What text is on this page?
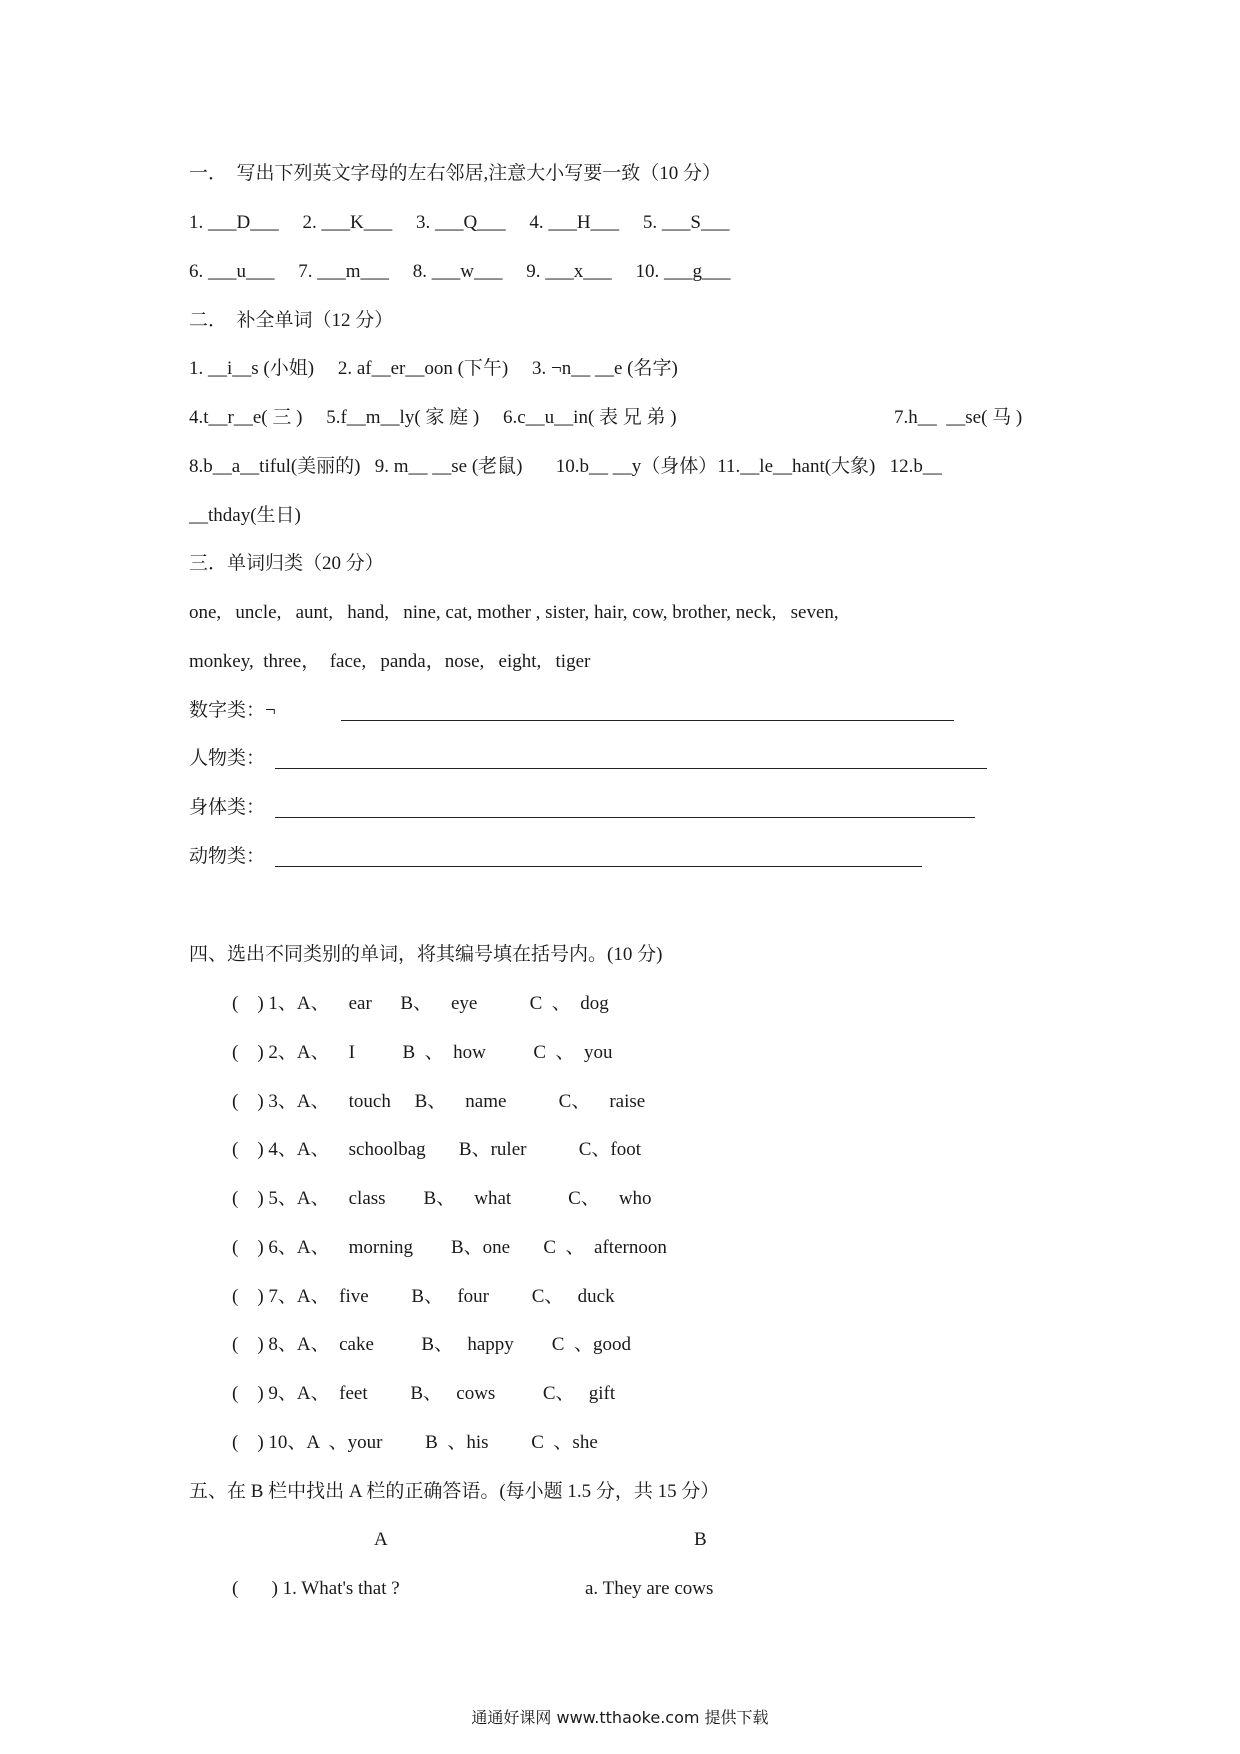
一．  写出下列英文字母的左右邻居,注意大小写要一致（10 分）
1. ___D___     2. ___K___     3. ___Q___     4. ___H___     5. ___S___
6. ___u___     7. ___m___     8. ___w___     9. ___x___     10. ___g___
二．  补全单词（12 分）
1. __i__s (小姐)     2. af__er__oon (下午)     3. ¬n__ __e (名字)
4.t__r__e( 三 )     5.f__m__ly( 家 庭 )     6.c__u__in( 表 兄 弟 )	7.h__  __se( 马 )
8.b__a__tiful(美丽的)   9. m__ __se (老鼠)       10.b__ __y（身体）11.__le__hant(大象)   12.b__
__thday(生日)
三．单词归类（20 分）
one,   uncle,   aunt,   hand,   nine, cat, mother , sister, hair, cow, brother, neck,   seven,
monkey,  three，  face,   panda，nose,   eight,   tiger
数字类：¬
人物类：
身体类：
动物类：
四、选出不同类别的单词，将其编号填在括号内。(10 分)
(    ) 1、A、    ear      B、    eye           C  、  dog
(    ) 2、A、    I          B  、  how          C  、  you
(    ) 3、A、    touch     B、    name           C、    raise
(    ) 4、A、    schoolbag       B、ruler           C、foot
(    ) 5、A、    class        B、    what            C、    who
(    ) 6、A、    morning        B、one       C  、  afternoon
(    ) 7、A、  five         B、   four         C、   duck
(    ) 8、A、  cake          B、   happy        C  、good
(    ) 9、A、  feet         B、   cows          C、   gift
(    ) 10、A  、your         B  、his         C  、she
五、在 B 栏中找出 A 栏的正确答语。(每小题 1.5 分，共 15 分）
A	B
(       ) 1. What's that ?	a. They are cows
通通好课网 www.tthaoke.com 提供下载
